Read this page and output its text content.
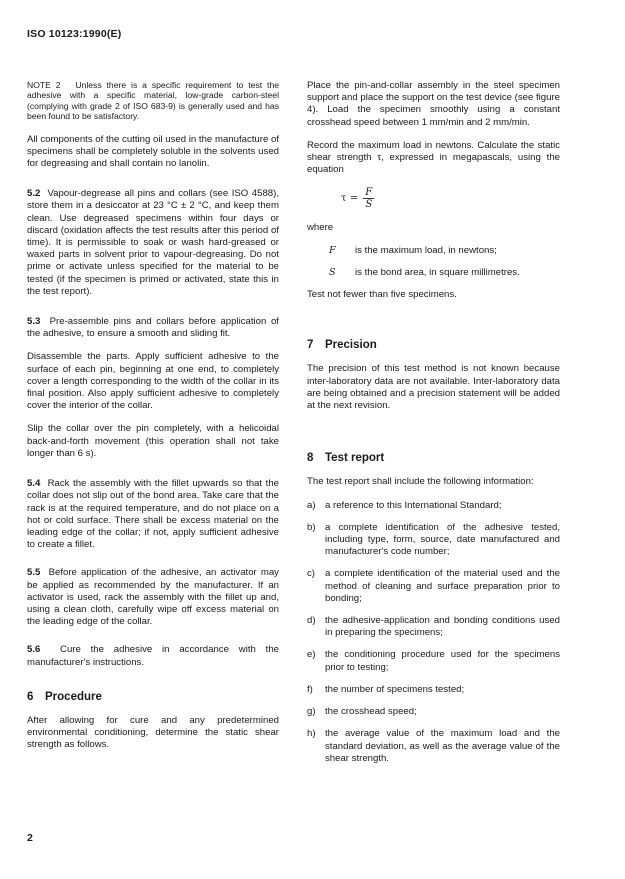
ISO 10123:1990(E)

NOTE 2 Unless there is a specific requirement to test the adhesive with a specific material, low-grade carbon-steel (complying with grade 2 of ISO 683-9) is generally used and has been found to be satisfactory.

All components of the cutting oil used in the manufacture of specimens shall be completely soluble in the solvents used for degreasing and shall contain no lanolin.

5.2 Vapour-degrease all pins and collars (see ISO 4588), store them in a desiccator at 23 °C ± 2 °C, and keep them clean. Use degreased specimens within four days or discard (oxidation affects the test results after this period of time). It is permissible to soak or wash hard-greased or waxed parts in solvent prior to vapour-degreasing. Do not prime or activate unless specified for the material to be tested (if the specimen is primed or activated, state this in the test report).

5.3 Pre-assemble pins and collars before application of the adhesive, to ensure a smooth and sliding fit.

Disassemble the parts. Apply sufficient adhesive to the surface of each pin, beginning at one end, to completely cover a length corresponding to the width of the collar in its final position. Also apply sufficient adhesive to completely cover the interior of the collar.

Slip the collar over the pin completely, with a helicoidal back-and-forth movement (this operation shall not take longer than 6 s).

5.4 Rack the assembly with the fillet upwards so that the collar does not slip out of the bond area. Take care that the rack is at the required temperature, and do not place on a hot or cold surface. There shall be excess material on the leading edge of the collar; if not, apply sufficient adhesive to create a fillet.

5.5 Before application of the adhesive, an activator may be applied as recommended by the manufacturer. If an activator is used, rack the assembly with the fillet up and, using a clean cloth, carefully wipe off excess material on the leading edge of the collar.

5.6 Cure the adhesive in accordance with the manufacturer's instructions.

6 Procedure

After allowing for cure and any predetermined environmental conditioning, determine the static shear strength as follows.

Place the pin-and-collar assembly in the steel specimen support and place the support on the test device (see figure 4). Load the specimen smoothly using a constant crosshead speed between 1 mm/min and 2 mm/min.

Record the maximum load in newtons. Calculate the static shear strength τ, expressed in megapascals, using the equation

$\tau = \frac{F}{S}$

where

F	is the maximum load, in newtons;
S	is the bond area, in square millimetres.

Test not fewer than five specimens.

7 Precision

The precision of this test method is not known because inter-laboratory data are not available. Inter-laboratory data are being obtained and a precision statement will be added at the next revision.

8 Test report

The test report shall include the following information:

a) a reference to this International Standard;
b) a complete identification of the adhesive tested, including type, form, source, date manufactured and manufacturer's code number;
c)	a complete identification of the material used and the method of cleaning and surface preparation prior to bonding;
d) the adhesive-application and bonding conditions used in preparing the specimens;
e) the conditioning procedure used for the specimens prior to testing;
f)	the number of specimens tested;
g) the crosshead speed;
h) the average value of the maximum load and the standard deviation, as well as the average value of the shear strength.
2
